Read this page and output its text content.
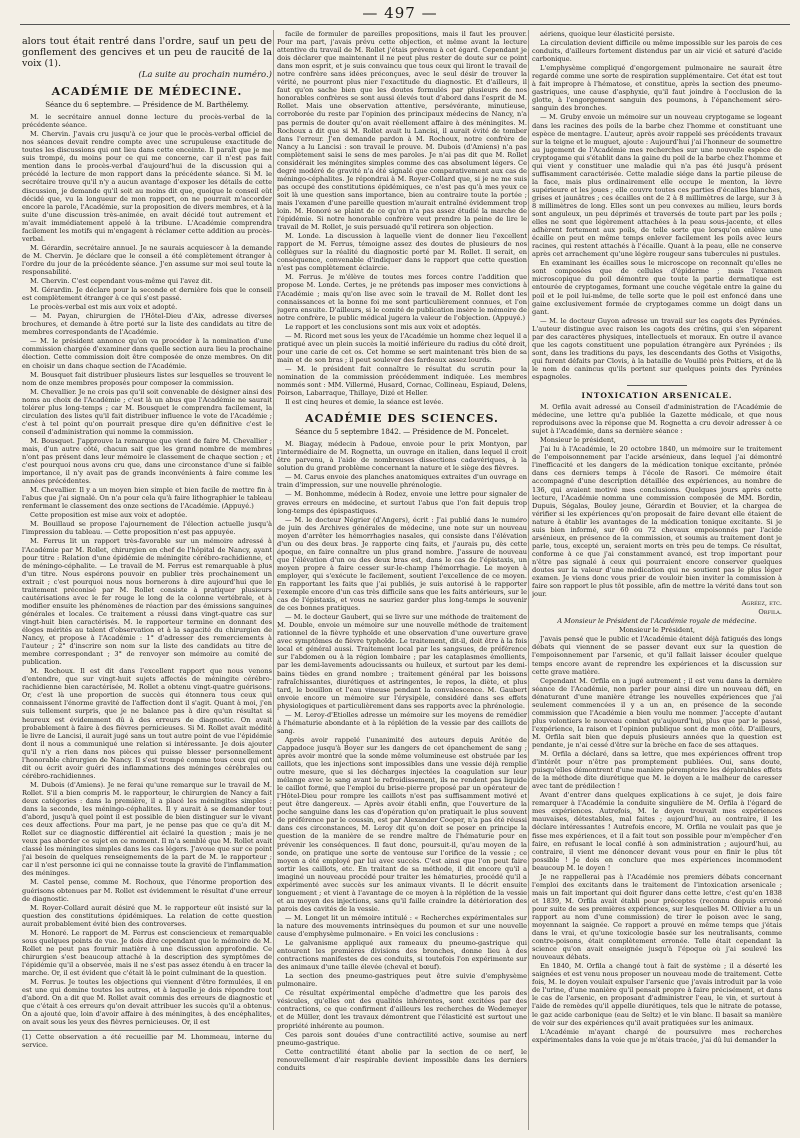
— 497 —

alors tout était rentré dans l'ordre, sauf un peu de gonflement des gencives et un peu de raucité de la voix (1).

(La suite au prochain numéro.)

ACADÉMIE DE MÉDECINE.

Séance du 6 septembre. — Présidence de M. Barthélemy.

M. le secrétaire annuel donne lecture du procès-verbal de la précédente séance.

M. Chervin. J'avais cru jusqu'à ce jour que le procès-verbal officiel de nos séances devait rendre compte avec une scrupuleuse exactitude de toutes les discussions qui ont lieu dans cette enceinte. Il paraît que je me suis trompé, du moins pour ce qui me concerne, car il n'est pas fait mention dans le procès-verbal d'aujourd'hui de la discussion qui a précédé la lecture de mon rapport dans la précédente séance. Si M. le secrétaire trouve qu'il n'y a aucun avantage d'exposer les détails de cette discussion, je demande qu'il soit au moins dit que, quoique le conseil eût décidé que, vu la longueur de mon rapport, on ne pourrait m'accorder encore la parole, l'Académie, sur la proposition de divers membres, et à la suite d'une discussion très-animée, en avait décidé tout autrement et m'avait immédiatement appelé à la tribune. L'Académie comprendra facilement les motifs qui m'engagent à réclamer cette addition au procès-verbal.

M. Gérardin, secrétaire annuel. Je ne saurais acquiescer à la demande de M. Chervin. Je déclare que le conseil a été complètement étranger à l'ordre du jour de la précédente séance. J'en assume sur moi seul toute la responsabilité.

M. Chervin. C'est cependant vous-même qui l'avez dit.

M. Gérardin. Je déclare pour la seconde et dernière fois que le conseil est complètement étranger à ce qui s'est passé.

Le procès-verbal est mis aux voix et adopté.

— M. Payan, chirurgien de l'Hôtel-Dieu d'Aix, adresse diverses brochures, et demande à être porté sur la liste des candidats au titre de membres correspondants de l'Académie.

— M. le président annonce qu'on va procéder à la nomination d'une commission chargée d'examiner dans quelle section aura lieu la prochaine élection. Cette commission doit être composée de onze membres. On dit en choisir un dans chaque section de l'Académie.

M. Bousquet fait distribuer plusieurs listes sur lesquelles se trouvent le nom de onze membres proposés pour composer la commission.

M. Chevallier. Je ne crois pas qu'il soit convenable de désigner ainsi des noms au choix de l'Académie ; c'est là un abus que l'Académie ne saurait tolérer plus long-temps ; car M. Bousquet le comprendra facilement, la circulation des listes qu'il fait distribuer influence le vote de l'Académie ; c'est à tel point qu'on pourrait presque dire qu'en définitive c'est le conseil d'administration qui nomme la commission.

M. Bousquet. J'approuve la remarque que vient de faire M. Chevallier ; mais, d'un autre côté, chacun sait que les grand nombre de membres n'ont pas présent dans leur mémoire le classement de chaque section ; et c'est pourquoi nous avons cru que, dans une circonstance d'une si faible importance, il n'y avait pas de grands inconvénients à faire comme les années précédentes.

M. Chevallier. Il y a un moyen bien simple et bien facile de mettre fin à l'abus que j'ai signalé. On n'a pour cela qu'à faire lithographier le tableau renfermant le classement des onze sections de l'Académie. (Appuyé.)

Cette proposition est mise aux voix et adoptée.

M. Bouillaud se propose l'ajournement de l'élection actuelle jusqu'à l'impression du tableau. — Cette proposition n'est pas appuyée.

M. Ferrus lit un rapport très-favorable sur un mémoire adressé à l'Académie par M. Rollet, chirurgien en chef de l'hôpital de Nancy, ayant pour titre : Relation d'une épidémie de méningite cérébro-rachidienne, et de méningo-céphalite. — Le travail de M. Ferrus est remarquable à plus d'un titre. Nous espérons pouvoir en publier très prochainement un extrait ; c'est pourquoi nous nous bornerons à dire aujourd'hui que le traitement préconisé par M. Rollet consiste à pratiquer plusieurs cautérisations avec le fer rouge le long de la colonne vertébrale, et à modifier ensuite les phénomènes de réaction par des émissions sanguines générales et locales. Ce traitement a réussi dans vingt-quatre cas sur vingt-huit bien caractérisés. M. le rapporteur termine en donnant des éloges mérités au talent d'observation et à la sagacité du chirurgien de Nancy, et propose à l'Académie : 1° d'adresser des remerciements à l'auteur ; 2° d'inscrire son nom sur la liste des candidats au titre de membre correspondant ; 3° de renvoyer son mémoire au comité de publication.

M. Rochoux. Il est dit dans l'excellent rapport que nous venons d'entendre, que sur vingt-huit sujets affectés de méningite cérébro-rachidienne bien caractérisée, M. Rollet a obtenu vingt-quatre guérisons. Or, c'est là une proportion de succès qui étonnera tous ceux qui connaissent l'énorme gravité de l'affection dont il s'agit. Quant à moi, j'en suis tellement surpris, que je ne balance pas à dire qu'un résultat si heureux est évidemment dû à des erreurs de diagnostic. On avait probablement à faire à des fièvres pernicieuses. Si M. Rollet avait médité le livre de Lancisi, il aurait jugé sans un tout autre point de vue l'épidémie dont il nous a communiqué une relation si intéressante. Je dois ajouter qu'il n'y a rien dans nos pièces qui puisse blesser personnellement l'honorable chirurgien de Nancy. Il s'est trompé comme tous ceux qui ont dit ou écrit avoir guéri des inflammations des méninges cérébrales ou cérébro-rachidiennes.

M. Dubois (d'Amiens). Je ne ferai qu'une remarque sur le travail de M. Rollet. S'il a bien compris M. le rapporteur, le chirurgien de Nancy a fait deux catégories : dans la première, il a placé les méningites simples ; dans la seconde, les méningo-céphalites. Il y aurait à se demander tout d'abord, jusqu'à quel point il est possible de bien distinguer sur le vivant ces deux affections. Pour ma part, je ne pense pas que ce qu'a dit M. Rollet sur ce diagnostic différentiel ait éclairé la question ; mais je ne veux pas aborder ce sujet en ce moment. Il m'a semblé que M. Rollet avait classé les méningites simples dans les cas légers. J'avoue que sur ce point j'ai besoin de quelques renseignements de la part de M. le rapporteur ; car il n'est personne ici qui ne connaisse toute la gravité de l'inflammation des méninges.

M. Castel pense, comme M. Rochoux, que l'énorme proportion des guérisons obtenues par M. Rollet est évidemment le résultat d'une erreur de diagnostic.

M. Royer-Collard aurait désiré que M. le rapporteur eût insisté sur la question des constitutions épidémiques. La relation de cette question aurait probablement évité bien des controverses.

M. Honoré. Le rapport de M. Ferrus est consciencieux et remarquable sous quelques points de vue. Je dois dire cependant que le mémoire de M. Rollet ne peut pas fournir matière à une discussion approfondie. Ce chirurgien s'est beaucoup attaché à la description des symptômes de l'épidémie qu'il a observée, mais il ne s'est pas assez étendu à en tracer la marche. Or, il est évident que c'était là le point culminant de la question.

M. Ferrus. Je toutes les objections qui viennent d'être formulées, il en est une qui domine toutes les autres, et à laquelle je dois répondre tout d'abord. On a dit que M. Rollet avait commis des erreurs de diagnostic et que c'était à ces erreurs qu'on devait attribuer les succès qu'il a obtenus. On a ajouté que, loin d'avoir affaire à des méningites, à des encéphalites, on avait sous les yeux des fièvres pernicieuses. Or, il est

(1) Cette observation a été recueillie par M. Lhommeau, interne du service.

facile de formuler de pareilles propositions, mais il faut les prouver. Pour ma part, j'avais prévu cette objection, et même avant la lecture attentive du travail de M. Rollet j'étais prévenu à cet égard. Cependant je dois déclarer que maintenant il ne peut plus rester de doute sur ce point dans mon esprit, et je suis convaincu que tous ceux qui liront le travail de notre confrère sans idées préconçues, avec le seul désir de trouver la vérité, ne pourront plus nier l'exactitude du diagnostic. Et d'ailleurs, il faut qu'on sache bien que les doutes formulés par plusieurs de nos honorables confrères se sont aussi élevés tout d'abord dans l'esprit de M. Rollet. Mais une observation attentive, persévérante, minutieuse, corroborée du reste par l'opinion des principaux médecins de Nancy, n'a pas permis de douter qu'on avait réellement affaire à des méningites. M. Rochoux a dit que si M. Rollet avait lu Lancisi, il aurait évité de tomber dans l'erreur. J'en demande pardon à M. Rochoux, notre confrère de Nancy a lu Lancisi : son travail le prouve. M. Dubois (d'Amiens) n'a pas complètement saisi le sens de mes paroles. Je n'ai pas dit que M. Rollet considérait les méningites simples comme des cas absolument légers. Ce degré modéré de gravité n'a été signalé que comparativement aux cas de méningo-céphalites. Je répondrai à M. Royer-Collard que, si je ne me suis pas occupé des constitutions épidémiques, ce n'est pas qu'à mes yeux ce soit là une question sans importance, bien au contraire toute la portée ; mais l'examen d'une pareille question m'aurait entraîné évidemment trop loin. M. Honoré se plaint de ce qu'on n'a pas assez étudié la marche de l'épidémie. Si notre honorable confrère veut prendre la peine de lire le travail de M. Rollet, je suis persuadé qu'il retirera son objection.

M. Londe. La discussion à laquelle vient de donner lieu l'excellent rapport de M. Ferrus, témoigne assez des doutes de plusieurs de nos collègues sur la réalité du diagnostic porté par M. Rollet. Il serait, en conséquence, convenable d'indiquer dans le rapport que cette question n'est pas complètement éclaircie.

M. Ferrus. Je m'élève de toutes mes forces contre l'addition que propose M. Londe. Certes, je ne prétends pas imposer mes convictions à l'Académie ; mais qu'on lise avec soin le travail de M. Rollet dont les connaissances et la bonne foi me sont particulièrement connues, et l'on jugera ensuite. D'ailleurs, si le comité de publication insère le mémoire de notre confrère, le public médical jugera la valeur de l'objection. (Appuyé.)

Le rapport et les conclusions sont mis aux voix et adoptés.

— M. Ricord met sous les yeux de l'Académie un homme chez lequel il a pratiqué avec un plein succès la moitié inférieure du radius du côté droit, pour une carie de cet os. Cet homme se sert maintenant très bien de sa main et de son bras ; il peut soulever des fardeaux assez lourds.

— M. le président fait connaître le résultat du scrutin pour la nomination de la commission précédemment indiquée. Les membres nommés sont : MM. Villermé, Husard, Cornac, Collineau, Espiaud, Delens, Poirson, Labarraque, Thillaye, Dizé et Heller.

Il est cinq heures et demie, la séance est levée.

ACADÉMIE DES SCIENCES.

Séance du 5 septembre 1842. — Présidence de M. Poncelet.

M. Biagay, médecin à Padoue, envoie pour le prix Montyon, par l'intermédiaire de M. Rognetta, un ouvrage en italien, dans lequel il croit être parvenu, à l'aide de nombreuses dissections cadavériques, à la solution du grand problème concernant la nature et le siège des fièvres.

— M. Carus envoie des planches anatomiques extraites d'un ouvrage en train d'impression, sur une nouvelle phrénologie.

— M. Bonhomme, médecin à Rodez, envoie une lettre pour signaler de graves erreurs en médecine, et surtout l'abus que l'on fait depuis trop long-temps des épispastiques.

— M. le docteur Négrier (d'Angers), écrit : J'ai publié dans le numéro de juin des Archives générales de médecine, une note sur un nouveau moyen d'arrêter les hémorrhagies nasales, qui consiste dans l'élévation d'un ou des deux bras. Je rapporte cinq faits, et j'aurais pu, dès cette époque, en faire connaître un plus grand nombre. J'assure de nouveau que l'élévation d'un ou des deux bras est, dans le cas de l'épistaxis, un moyen propre à faire cesser sur-le-champ l'hémorrhagie. Le moyen à employer, qui s'exécute le facilement, soutient l'excellence de ce moyen. En rapportant les faits que j'ai publiés, je suis autorisé à le rapporter l'exemple encore d'un cas très difficile sans que les faits antérieurs, sur le cas de l'épistaxis, et vous ne sauriez garder plus long-temps le souvenir de ces bonnes pratiques.

— M. le docteur Gaubert, qui se livre sur une méthode de traitement de M. Double, envoie un mémoire sur une nouvelle méthode de traitement rationnel de la fièvre typhoïde et une observation d'une ouverture grave avec symptômes de fièvre typhoïde. Le traitement, dit-il, doit être à la fois local et général aussi. Traitement local par les sangsues, de préférence sur l'abdomen ou à la région lombaire ; par les cataplasmes émollients, par les demi-lavements adoucissants ou huileux, et surtout par les demi-bains tièdes en grand nombre ; traitement général par les boissons rafraîchissantes, diurétiques et astringentes, le repos, la diète, et plus tard, le bouillon et l'eau vineuse pendant la convalescence. M. Gaubert envoie encore un mémoire sur l'érysipèle, considéré dans ses effets physiologiques et particulièrement dans ses rapports avec la phrénologie.

— M. Leroy-d'Etiolles adresse un mémoire sur les moyens de remédier à l'hématurie abondante et à la réplétion de la vessie par des caillots de sang.

Après avoir rappelé l'unanimité des auteurs depuis Arétée de Cappadoce jusqu'à Boyer sur les dangers de cet épanchement de sang ; après avoir montré que la sonde même volumineuse est obstruée par les caillots, que les injections sont impossibles dans une vessie déjà remplie outre mesure, que si les décharges injectées la coagulation sur leur mélange avec le sang avant le refroidissement, ils ne rendent pas liquide le caillot formé, que l'emploi du brise-pierre proposé par un opérateur de l'Hôtel-Dieu pour rompre les caillots n'est pas suffisamment motivé et peut être dangereux. — Après avoir établi enfin, que l'ouverture de la poche sanguine dans les cas d'opération qu'on pratiquait le plus souvent de préférence par le coussin, est par Alexander Cooper, n'a pas été réussi dans ces circonstances, M. Leroy dit qu'on doit se poser en principe la question de la manière de se rendre maître de l'hématurie pour en prévenir les conséquences. Il faut donc, poursuit-il, qu'au moyen de la sonde, on pratique une sorte de ventouse sur l'orifice de la vessie ; ce moyen a été employé par lui avec succès. C'est ainsi que l'on peut faire sortir les caillots, etc. En traitant de sa méthode, il dit encore qu'il a imaginé un nouveau procédé pour traiter les hématuries, procédé qu'il a expérimenté avec succès sur les animaux vivants. Il le décrit ensuite longuement ; et vient à l'avantage de ce moyen à la réplétion de la vessie et au moyen des injections, sans qu'il faille craindre la détérioration des parois des cavités de la vessie.

— M. Longet lit un mémoire intitulé : « Recherches expérimentales sur la nature des mouvements intrinsèques du poumon et sur une nouvelle cause d'emphysème pulmonaire. » En voici les conclusions :

Le galvanisme appliqué aux rameaux du pneumo-gastrique qui entourent les premières divisions des bronches, donne lieu à des contractions manifestes de ces conduits, si toutefois l'on expérimente sur des animaux d'une taille élevée (cheval et bœuf).

La section des pneumo-gastriques peut être suivie d'emphysème pulmonaire.

Ce résultat expérimental empêche d'admettre que les parois des vésicules, qu'elles ont des qualités inhérentes, sont excitées par des contractions, ce que confirment d'ailleurs les recherches de Wedemeyer et de Müller, dont les travaux démontrent que l'élasticité est surtout une propriété inhérente au poumon.

Ces parois sont douées d'une contractilité active, soumise au nerf pneumo-gastrique.

Cette contractilité étant abolie par la section de ce nerf, le renouvellement d'air respirable devient impossible dans les derniers conduits

aériens, quoique leur élasticité persiste.

La circulation devient difficile ou même impossible sur les parois de ces conduits, d'ailleurs fortement distendus par un air vicié et saturé d'acide carbonique.

L'emphysème compliqué d'engorgement pulmonaire ne saurait être regardé comme une sorte de respiration supplémentaire. Cet état est tout à fait impropre à l'hématose, et constitue, après la section des pneumo-gastriques, une cause d'asphyxie, qu'il faut joindre à l'occlusion de la glotte, à l'engorgement sanguin des poumons, à l'épanchement séro-sanguin des bronches.

— M. Gruby envoie un mémoire sur un nouveau cryptogame se logeant dans les racines des poils de la barbe chez l'homme et constituant une espèce de mentagre. L'auteur, après avoir rappelé ses précédents travaux sur la teigne et le muguet, ajoute : Aujourd'hui j'ai l'honneur de soumettre au jugement de l'Académie mes recherches sur une nouvelle espèce de cryptogame qui s'établit dans la gaine du poil de la barbe chez l'homme et qui vient y constituer une maladie qui n'a pas été jusqu'à présent suffisamment caractérisée. Cette maladie siége dans la partie pileuse de la face, mais plus ordinairement elle occupe le menton, la lèvre supérieure et les joues ; elle couvre toutes ces parties d'écailles blanches, grises et jaunâtres ; ces écailles ont de 2 à 8 millimètres de large, sur 3 à 8 millimètres de long. Elles sont un peu convexes au milieu, leurs bords sont anguleux, un peu déprimés et traversés de toute part par les poils ; elles ne sont que légèrement attachées à la peau sous-jacente, et elles adhèrent fortement aux poils, de telle sorte que lorsqu'on enlève une écaille on peut en même temps enlever facilement les poils avec leurs racines, qui restent attachés à l'écaille. Quant à la peau, elle ne conserve après cet arrachement qu'une légère rougeur sans tubercules ni pustules.

En examinant les écailles sous le microscope on reconnaît qu'elles ne sont composées que de cellules d'épiderme ; mais l'examen microscopique du poil démontre que toute la partie dermatique est entourée de cryptogames, formant une couche végétale entre la gaine du poil et le poil lui-même, de telle sorte que le poil est enfoncé dans une gaine exclusivement formée de cryptogames comme un doigt dans un gant.

— M. le docteur Guyon adresse un travail sur les cagots des Pyrénées. L'auteur distingue avec raison les cagots des crétins, qui s'en séparent par des caractères physiques, intellectuels et moraux. En outre il avance que les cagots constituent une population étrangère aux Pyrénées ; ils sont, dans les traditions du pays, les descendants des Goths et Visigoths, qui furent défaits par Clovis, à la bataille de Vouillé près Poitiers, et de là le nom de canincus qu'ils portent sur quelques points des Pyrénées espagnoles.

INTOXICATION ARSENICALE.

M. Orfila avait adressé au Conseil d'administration de l'Académie de médecine, une lettre qu'a publiée la Gazette médicale, et que nous reproduisons avec la réponse que M. Rognetta a cru devoir adresser à ce sujet à l'Académie, dans sa dernière séance :

Monsieur le président,

J'ai lu à l'Académie, le 20 octobre 1840, un mémoire sur le traitement de l'empoisonnement par l'acide arsénieux, dans lequel j'ai démontré l'inefficacité et les dangers de la médication tonique excitante, prônée dans ces derniers temps à l'école de Rasori. Ce mémoire était accompagné d'une description détaillée des expériences, au nombre de 136, qui avaient motivé mes conclusions. Quelques jours après cette lecture, l'Académie nomma une commission composée de MM. Bordin, Dupuis, Ségalas, Bouley jeune, Gérardin et Bouvier, et la chargea de vérifier si les expériences qu'on proposait de faire devant elle étaient de nature à établir les avantages de la médication tonique excitante. Si je suis bien informé, sur 60 ou 72 chevaux empoisonnés par l'acide arsénieux, en présence de la commission, et soumis au traitement dont je parle, tous, excepté un, seraient morts en très peu de temps. Ce résultat, conforme à ce que j'ai constamment avancé, est trop important pour n'être pas signalé à ceux qui pourraient encore conserver quelques doutes sur la valeur d'une médication qui ne soutient pas le plus léger examen. Je viens donc vous prier de vouloir bien inviter la commission à faire son rapport le plus tôt possible, afin de mettre la vérité dans tout son jour.

Agréez, etc.

Orfila.

A Monsieur le Président de l'Académie royale de médecine.

Monsieur le Président,

J'avais pensé que le public et l'Académie étaient déjà fatigués des longs débats qui viennent de se passer devant eux sur la question de l'empoisonnement par l'arsenic, et qu'il fallait laisser écouler quelque temps encore avant de reprendre les expériences et la discussion sur cette grave matière.

Cependant M. Orfila en a jugé autrement ; il est venu dans la dernière séance de l'Académie, non parler pour ainsi dire un nouveau défi, en dénaturant d'une manière étrange les nouvelles expériences que j'ai seulement commencées il y a un an, en présence de la seconde commission que l'Académie a bien voulu me nommer. J'accepte d'autant plus volontiers le nouveau combat qu'aujourd'hui, plus que par le passé, l'expérience, la raison et l'opinion publique sont de mon côté. D'ailleurs, M. Orfila sait bien que depuis plusieurs années que la question est pendante, je n'ai cessé d'être sur la brèche en face de ses attaques.

M. Orfila a déclaré, dans sa lettre, que mes expériences offrent trop d'intérêt pour n'être pas promptement publiées. Oui, sans doute, puisqu'elles démontrent d'une manière péremptoire les déplorables effets de la méthode dite diurétique que M. le doyen a le malheur de caresser avec tant de prédilection !

Avant d'entrer dans quelques explications à ce sujet, je dois faire remarquer à l'Académie la conduite singulière de M. Orfila à l'égard de mes expériences. Autrefois, M. le doyen trouvait mes expériences mauvaises, détestables, mal faites ; aujourd'hui, au contraire, il les déclare intéressantes ! Autrefois encore, M. Orfila ne voulait pas que je fisse mes expériences, et il a fait tout son possible pour m'empêcher d'en faire, en refusant le local confié à son administration ; aujourd'hui, au contraire, il vient me dénoncer devant vous pour en finir le plus tôt possible ! Je dois en conclure que mes expériences incommodent beaucoup M. le doyen !

Je ne rappellerai pas à l'Académie nos premiers débats concernant l'emploi des excitants dans le traitement de l'intoxication arsenicale ; mais un fait important qui doit figurer dans cette lettre, c'est qu'en 1838 et 1839, M. Orfila avait établi pour préceptes (reconnu depuis erroné pour suite de ses premières expériences, sur lesquelles M. Ollivier a lu un rapport au nom d'une commission) de tirer le poison avec le sang, moyennant la saignée. Ce rapport a prouvé en même temps que j'étais dans le vrai, et qu'une toxicologie basée sur les neutralisants, comme contre-poisons, était complètement erronée. Telle était cependant la science qu'on avait enseignée jusqu'à l'époque où j'ai soulevé les nouveaux débats.

En 1840, M. Orfila a changé tout à fait de système ; il a déserté les saignées et est venu nous proposer un nouveau mode de traitement. Cette fois, M. le doyen voulait expulser l'arsenic que j'avais introduit par la voie de l'urine, d'une manière qu'il pensait propre à faire précisément, et dans le cas de l'arsenic, en proposant d'administrer l'eau, le vin, et surtout à l'aide de remèdes qu'il appelle diurétiques, tels que le nitrate de potasse, le gaz acide carbonique (eau de Seltz) et le vin blanc. Il basait sa manière de voir sur des expériences qu'il avait pratiquées sur les animaux.

L'Académie m'ayant chargé de poursuivre mes recherches expérimentales dans la voie que je m'étais tracée, j'ai dû lui demander la
